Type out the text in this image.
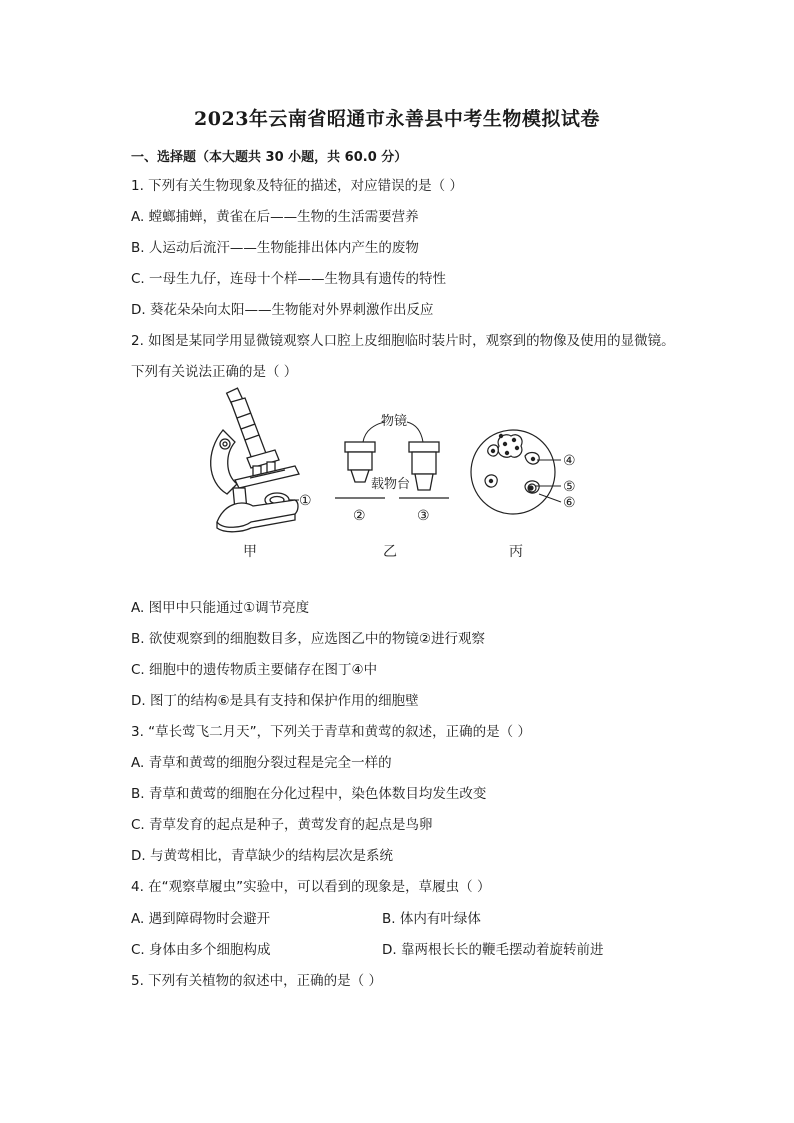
2023年云南省昭通市永善县中考生物模拟试卷
一、选择题（本大题共 30 小题，共 60.0 分）
1. 下列有关生物现象及特征的描述，对应错误的是（ ）
A. 螳螂捕蝉，黄雀在后——生物的生活需要营养
B. 人运动后流汗——生物能排出体内产生的废物
C. 一母生九仔，连母十个样——生物具有遗传的特性
D. 葵花朵朵向太阳——生物能对外界刺激作出反应
2. 如图是某同学用显微镜观察人口腔上皮细胞临时装片时，观察到的物像及使用的显微镜。
下列有关说法正确的是（ ）
①
物镜
载物台
②	③
④
⑤
⑥
甲	乙	丙
A. 图甲中只能通过①调节亮度
B. 欲使观察到的细胞数目多，应选图乙中的物镜②进行观察
C. 细胞中的遗传物质主要储存在图丁④中
D. 图丁的结构⑥是具有支持和保护作用的细胞壁
3. “草长莺飞二月天”，下列关于青草和黄莺的叙述，正确的是（ ）
A. 青草和黄莺的细胞分裂过程是完全一样的
B. 青草和黄莺的细胞在分化过程中，染色体数目均发生改变
C. 青草发育的起点是种子，黄莺发育的起点是鸟卵
D. 与黄莺相比，青草缺少的结构层次是系统
4. 在“观察草履虫”实验中，可以看到的现象是，草履虫（ ）
A. 遇到障碍物时会避开	B. 体内有叶绿体
C. 身体由多个细胞构成	D. 靠两根长长的鞭毛摆动着旋转前进
5. 下列有关植物的叙述中，正确的是（ ）
